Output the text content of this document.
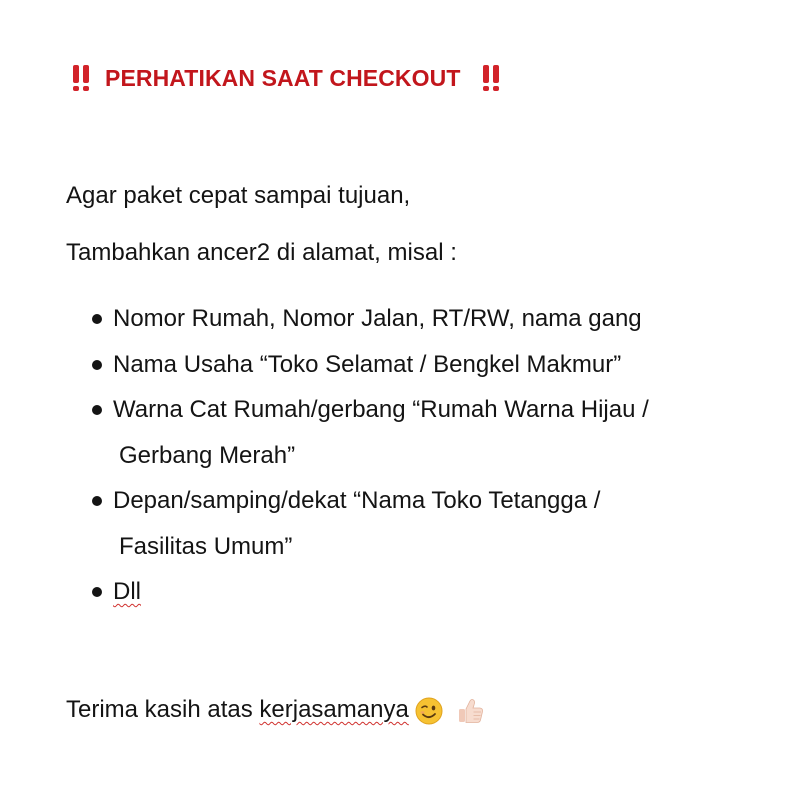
PERHATIKAN SAAT CHECKOUT
Agar paket cepat sampai tujuan,
Tambahkan ancer2 di alamat, misal :
Nomor Rumah, Nomor Jalan, RT/RW, nama gang
Nama Usaha “Toko Selamat / Bengkel Makmur”
Warna Cat Rumah/gerbang “Rumah Warna Hijau /
Gerbang Merah”
Depan/samping/dekat “Nama Toko Tetangga /
Fasilitas Umum”
Dll
Terima kasih atas kerjasamanya
